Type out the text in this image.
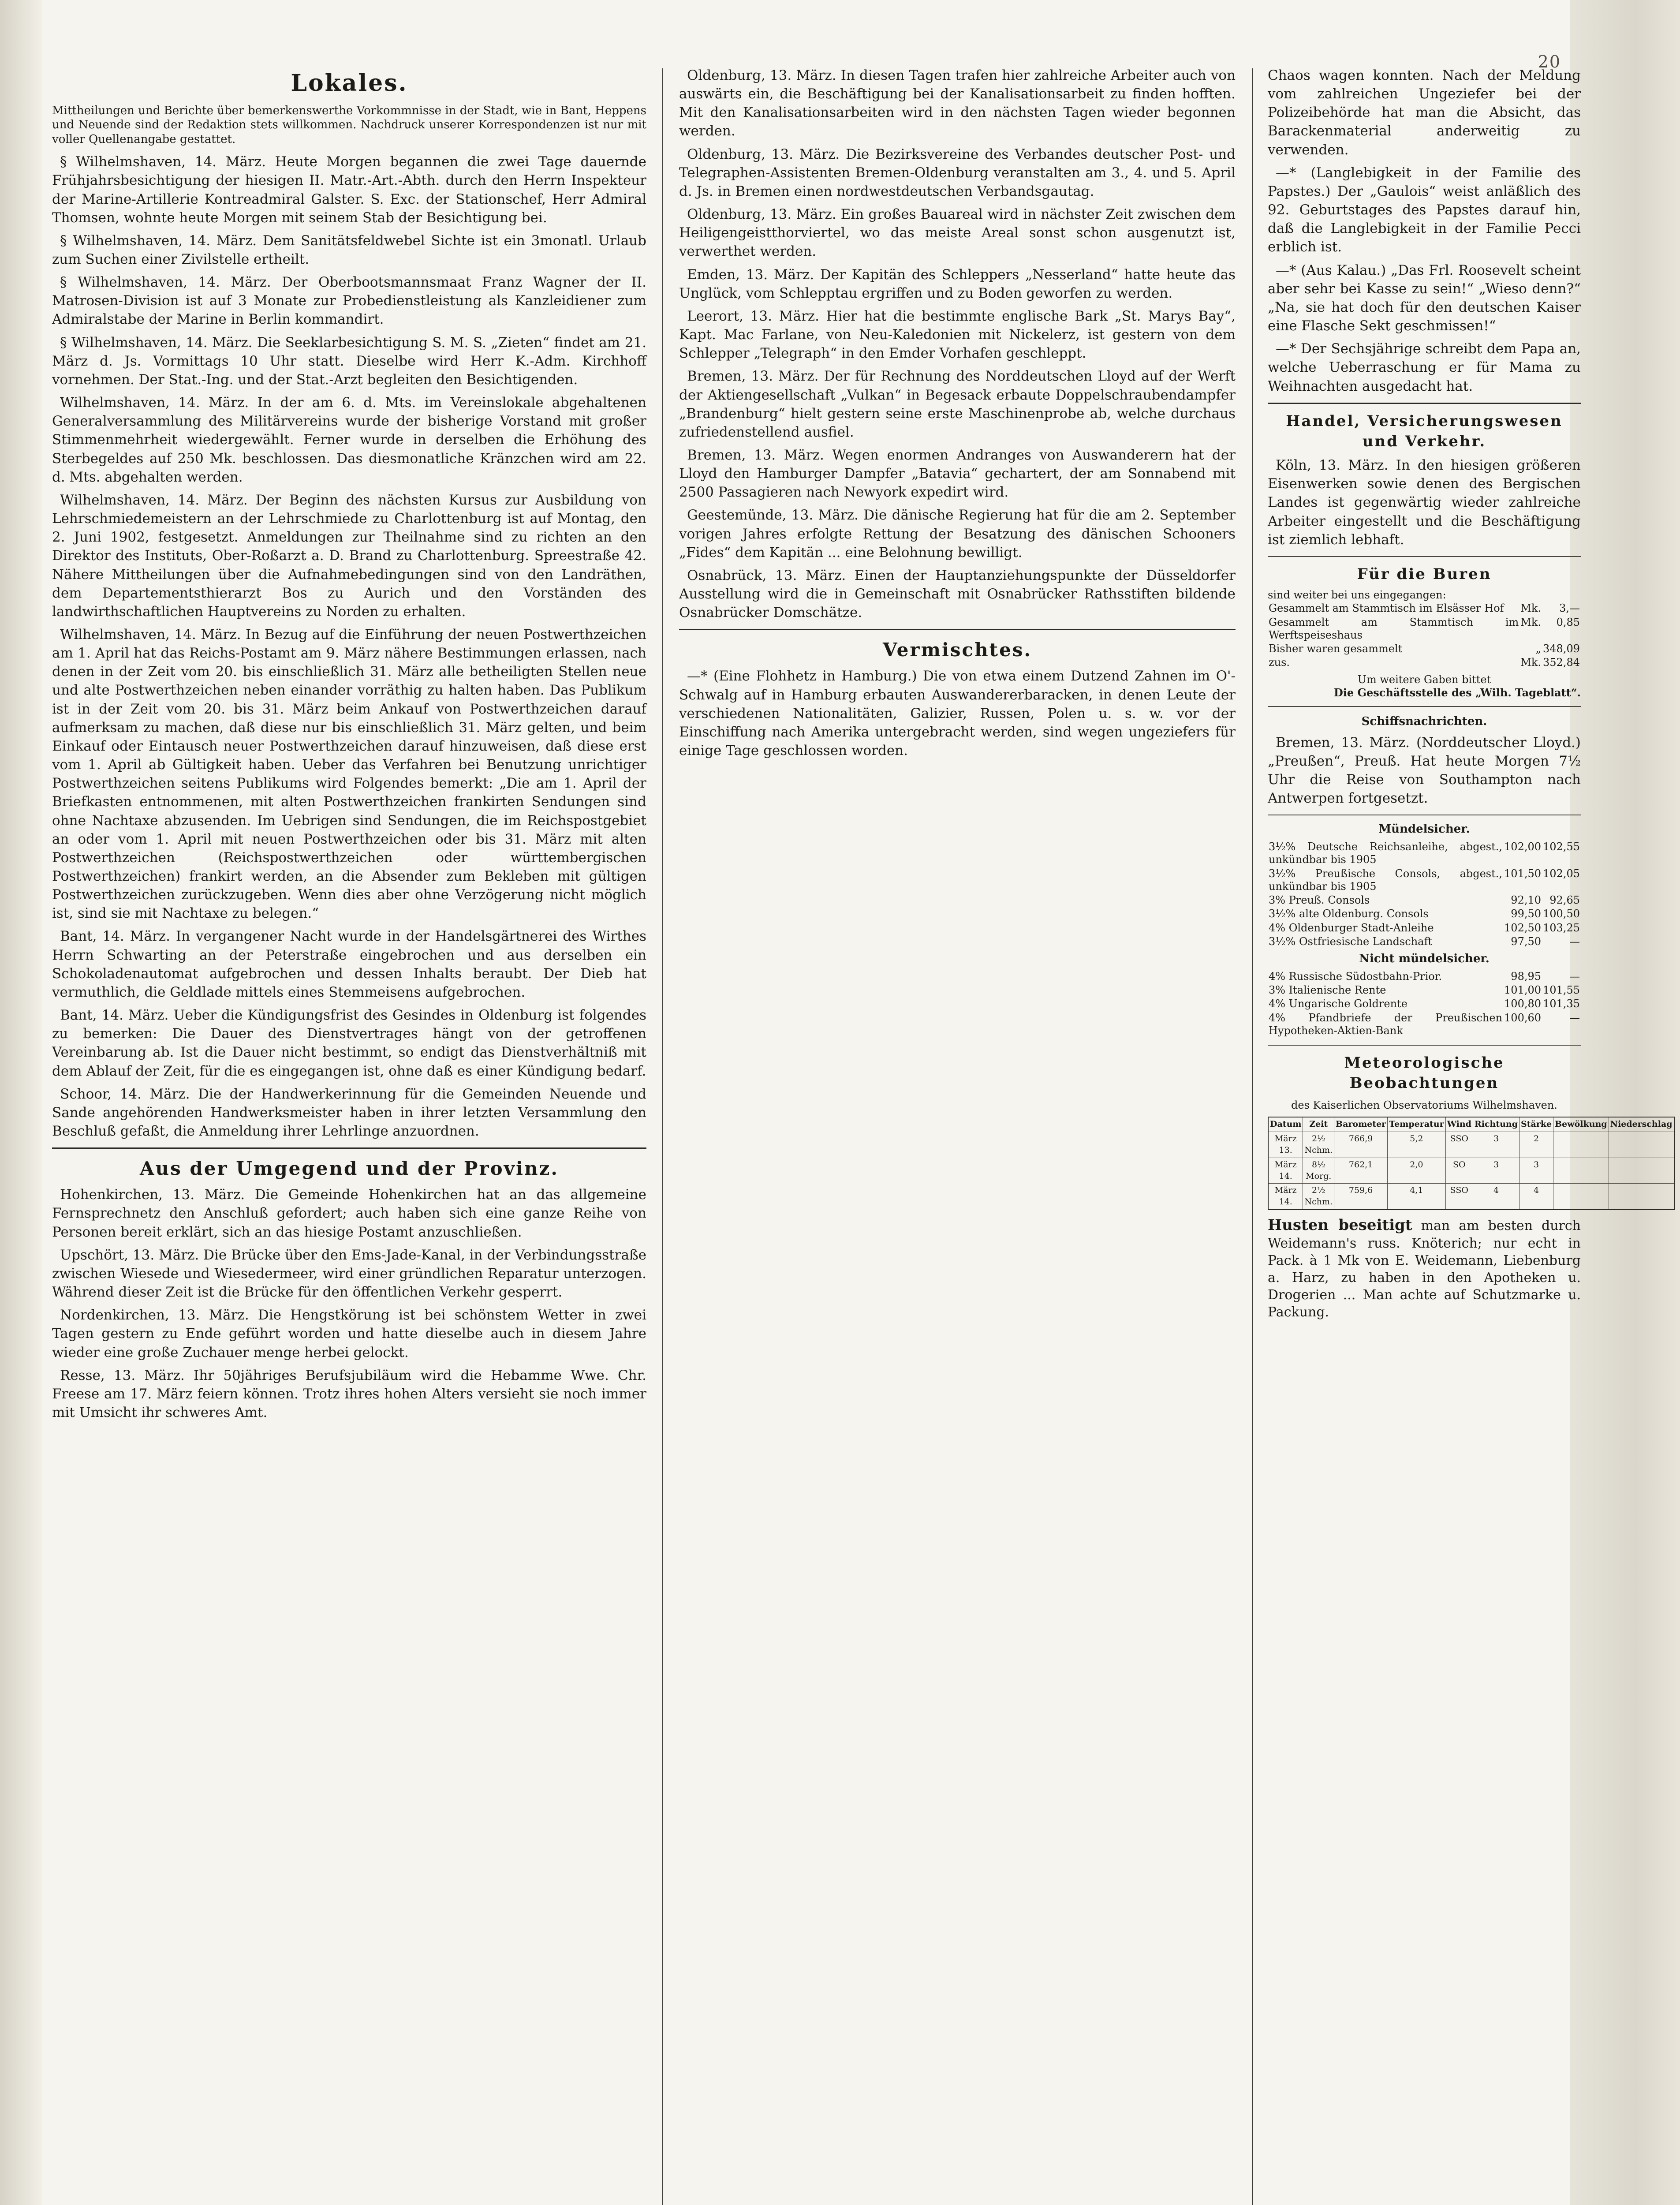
20
Lokales.
Mittheilungen und Berichte über bemerkenswerthe Vorkommnisse in der Stadt, wie in Bant, Heppens und Neuende sind der Redaktion stets willkommen. Nachdruck unserer Korrespondenzen ist nur mit voller Quellenangabe gestattet.

§ Wilhelmshaven, 14. März. Heute Morgen begannen die zwei Tage dauernde Frühjahrsbesichtigung der hiesigen II. Matr.-Art.-Abth. durch den Herrn Inspekteur der Marine-Artillerie Kontreadmiral Galster. S. Exc. der Stationschef, Herr Admiral Thomsen, wohnte heute Morgen mit seinem Stab der Besichtigung bei.

§ Wilhelmshaven, 14. März. Dem Sanitätsfeldwebel Sichte ist ein 3monatl. Urlaub zum Suchen einer Zivilstelle ertheilt.

§ Wilhelmshaven, 14. März. Der Oberbootsmannsmaat Franz Wagner der II. Matrosen-Division ist auf 3 Monate zur Probedienstleistung als Kanzleidiener zum Admiralstabe der Marine in Berlin kommandirt.

§ Wilhelmshaven, 14. März. Die Seeklarbesichtigung S. M. S. „Zieten“ findet am 21. März d. Js. Vormittags 10 Uhr statt. Dieselbe wird Herr K.-Adm. Kirchhoff vornehmen. Der Stat.-Ing. und der Stat.-Arzt begleiten den Besichtigenden.

Wilhelmshaven, 14. März. In der am 6. d. Mts. im Vereinslokale abgehaltenen Generalversammlung des Militärvereins wurde der bisherige Vorstand mit großer Stimmenmehrheit wiedergewählt. Ferner wurde in derselben die Erhöhung des Sterbegeldes auf 250 Mk. beschlossen. Das diesmonatliche Kränzchen wird am 22. d. Mts. abgehalten werden.

Wilhelmshaven, 14. März. Der Beginn des nächsten Kursus zur Ausbildung von Lehrschmiedemeistern an der Lehrschmiede zu Charlottenburg ist auf Montag, den 2. Juni 1902, festgesetzt. Anmeldungen zur Theilnahme sind zu richten an den Direktor des Instituts, Ober-Roßarzt a. D. Brand zu Charlottenburg. Spreestraße 42. Nähere Mittheilungen über die Aufnahmebedingungen sind von den Landräthen, dem Departementsthierarzt Bos zu Aurich und den Vorständen des landwirthschaftlichen Hauptvereins zu Norden zu erhalten.

Wilhelmshaven, 14. März. In Bezug auf die Einführung der neuen Postwerthzeichen am 1. April hat das Reichs-Postamt am 9. März nähere Bestimmungen erlassen, nach denen in der Zeit vom 20. bis einschließlich 31. März alle betheiligten Stellen neue und alte Postwerthzeichen neben einander vorräthig zu halten haben. Das Publikum ist in der Zeit vom 20. bis 31. März beim Ankauf von Postwerthzeichen darauf aufmerksam zu machen, daß diese nur bis einschließlich 31. März gelten, und beim Einkauf oder Eintausch neuer Postwerthzeichen darauf hinzuweisen, daß diese erst vom 1. April ab Gültigkeit haben. Ueber das Verfahren bei Benutzung unrichtiger Postwerthzeichen seitens Publikums wird Folgendes bemerkt: „Die am 1. April der Briefkasten entnommenen, mit alten Postwerthzeichen frankirten Sendungen sind ohne Nachtaxe abzusenden. Im Uebrigen sind Sendungen, die im Reichspostgebiet an oder vom 1. April mit neuen Postwerthzeichen oder bis 31. März mit alten Postwerthzeichen (Reichspostwerthzeichen oder württembergischen Postwerthzeichen) frankirt werden, an die Absender zum Bekleben mit gültigen Postwerthzeichen zurückzugeben. Wenn dies aber ohne Verzögerung nicht möglich ist, sind sie mit Nachtaxe zu belegen.“

Bant, 14. März. In vergangener Nacht wurde in der Handelsgärtnerei des Wirthes Herrn Schwarting an der Peterstraße eingebrochen und aus derselben ein Schokoladenautomat aufgebrochen und dessen Inhalts beraubt. Der Dieb hat vermuthlich, die Geldlade mittels eines Stemmeisens aufgebrochen.

Bant, 14. März. Ueber die Kündigungsfrist des Gesindes in Oldenburg ist folgendes zu bemerken: Die Dauer des Dienstvertrages hängt von der getroffenen Vereinbarung ab. Ist die Dauer nicht bestimmt, so endigt das Dienstverhältniß mit dem Ablauf der Zeit, für die es eingegangen ist, ohne daß es einer Kündigung bedarf.

Schoor, 14. März. Die der Handwerkerinnung für die Gemeinden Neuende und Sande angehörenden Handwerksmeister haben in ihrer letzten Versammlung den Beschluß gefaßt, die Anmeldung ihrer Lehrlinge anzuordnen.

Aus der Umgegend und der Provinz.

Hohenkirchen, 13. März. Die Gemeinde Hohenkirchen hat an das allgemeine Fernsprechnetz den Anschluß gefordert; auch haben sich eine ganze Reihe von Personen bereit erklärt, sich an das hiesige Postamt anzuschließen.

Upschört, 13. März. Die Brücke über den Ems-Jade-Kanal, in der Verbindungsstraße zwischen Wiesede und Wiesedermeer, wird einer gründlichen Reparatur unterzogen. Während dieser Zeit ist die Brücke für den öffentlichen Verkehr gesperrt.

Nordenkirchen, 13. März. Die Hengstkörung ist bei schönstem Wetter in zwei Tagen gestern zu Ende geführt worden und hatte dieselbe auch in diesem Jahre wieder eine große Zuchauer menge herbei gelockt.

Resse, 13. März. Ihr 50jähriges Berufsjubiläum wird die Hebamme Wwe. Chr. Freese am 17. März feiern können. Trotz ihres hohen Alters versieht sie noch immer mit Umsicht ihr schweres Amt.

Oldenburg, 13. März. In diesen Tagen trafen hier zahlreiche Arbeiter auch von auswärts ein, die Beschäftigung bei der Kanalisationsarbeit zu finden hofften. Mit den Kanalisationsarbeiten wird in den nächsten Tagen wieder begonnen werden.

Oldenburg, 13. März. Die Bezirksvereine des Verbandes deutscher Post- und Telegraphen-Assistenten Bremen-Oldenburg veranstalten am 3., 4. und 5. April d. Js. in Bremen einen nordwestdeutschen Verbandsgautag.

Oldenburg, 13. März. Ein großes Bauareal wird in nächster Zeit zwischen dem Heiligengeistthorviertel, wo das meiste Areal sonst schon ausgenutzt ist, verwerthet werden.

Emden, 13. März. Der Kapitän des Schleppers „Nesserland“ hatte heute das Unglück, vom Schlepptau ergriffen und zu Boden geworfen zu werden.

Leerort, 13. März. Hier hat die bestimmte englische Bark „St. Marys Bay“, Kapt. Mac Farlane, von Neu-Kaledonien mit Nickelerz, ist gestern von dem Schlepper „Telegraph“ in den Emder Vorhafen geschleppt.

Bremen, 13. März. Der für Rechnung des Norddeutschen Lloyd auf der Werft der Aktiengesellschaft „Vulkan“ in Begesack erbaute Doppelschraubendampfer „Brandenburg“ hielt gestern seine erste Maschinenprobe ab, welche durchaus zufriedenstellend ausfiel.

Bremen, 13. März. Wegen enormen Andranges von Auswanderern hat der Lloyd den Hamburger Dampfer „Batavia“ gechartert, der am Sonnabend mit 2500 Passagieren nach Newyork expedirt wird.

Geestemünde, 13. März. Die dänische Regierung hat für die am 2. September vorigen Jahres erfolgte Rettung der Besatzung des dänischen Schooners „Fides“ dem Kapitän ... eine Belohnung bewilligt.

Osnabrück, 13. März. Einen der Hauptanziehungspunkte der Düsseldorfer Ausstellung wird die in Gemeinschaft mit Osnabrücker Rathsstiften bildende Osnabrücker Domschätze.

Vermischtes.

—* (Eine Flohhetz in Hamburg.) Die von etwa einem Dutzend Zahnen im O'-Schwalg auf in Hamburg erbauten Auswandererbaracken, in denen Leute der verschiedenen Nationalitäten, Galizier, Russen, Polen u. s. w. vor der Einschiffung nach Amerika untergebracht werden, sind wegen ungeziefers für einige Tage geschlossen worden.

Chaos wagen konnten. Nach der Meldung vom zahlreichen Ungeziefer bei der Polizeibehörde hat man die Absicht, das Barackenmaterial anderweitig zu verwenden.

—* (Langlebigkeit in der Familie des Papstes.) Der „Gaulois“ weist anläßlich des 92. Geburtstages des Papstes darauf hin, daß die Langlebigkeit in der Familie Pecci erblich ist.

—* (Aus Kalau.) „Das Frl. Roosevelt scheint aber sehr bei Kasse zu sein!“ „Wieso denn?“ „Na, sie hat doch für den deutschen Kaiser eine Flasche Sekt geschmissen!“

—* Der Sechsjährige schreibt dem Papa an, welche Ueberraschung er für Mama zu Weihnachten ausgedacht hat.

Handel, Versicherungswesen und Verkehr.

Köln, 13. März. In den hiesigen größeren Eisenwerken sowie denen des Bergischen Landes ist gegenwärtig wieder zahlreiche Arbeiter eingestellt und die Beschäftigung ist ziemlich lebhaft.

Für die Buren
sind weiter bei uns eingegangen:
Gesammelt am Stammtisch im Elsässer Hof	Mk.	3,—
Gesammelt am Stammtisch im Werftspeiseshaus	Mk.	0,85
Bisher waren gesammelt	„	348,09
zus.	Mk.	352,84
Um weitere Gaben bittet
Die Geschäftsstelle des „Wilh. Tageblatt“.
Schiffsnachrichten.

Bremen, 13. März. (Norddeutscher Lloyd.) „Preußen“, Preuß. Hat heute Morgen 7½ Uhr die Reise von Southampton nach Antwerpen fortgesetzt.

Mündelsicher.
3½% Deutsche Reichsanleihe, abgest., unkündbar bis 1905	102,00	102,55
3½% Preußische Consols, abgest., unkündbar bis 1905	101,50	102,05
3% Preuß. Consols	92,10	92,65
3½% alte Oldenburg. Consols	99,50	100,50
4% Oldenburger Stadt-Anleihe	102,50	103,25
3½% Ostfriesische Landschaft	97,50	—
Nicht mündelsicher.
4% Russische Südostbahn-Prior.	98,95	—
3% Italienische Rente	101,00	101,55
4% Ungarische Goldrente	100,80	101,35
4% Pfandbriefe der Preußischen Hypotheken-Aktien-Bank	100,60	—
Meteorologische Beobachtungen
des Kaiserlichen Observatoriums Wilhelmshaven.
Datum	Zeit	Barometer	Temperatur	Wind	Richtung	Stärke	Bewölkung	Niederschlag
März 13.	2½ Nchm.	766,9	5,2	SSO	3	2		
März 14.	8½ Morg.	762,1	2,0	SO	3	3		
März 14.	2½ Nchm.	759,6	4,1	SSO	4	4		
Husten beseitigt man am besten durch Weidemann's russ. Knöterich; nur echt in Pack. à 1 Mk von E. Weidemann, Liebenburg a. Harz, zu haben in den Apotheken u. Drogerien ... Man achte auf Schutzmarke u. Packung.
